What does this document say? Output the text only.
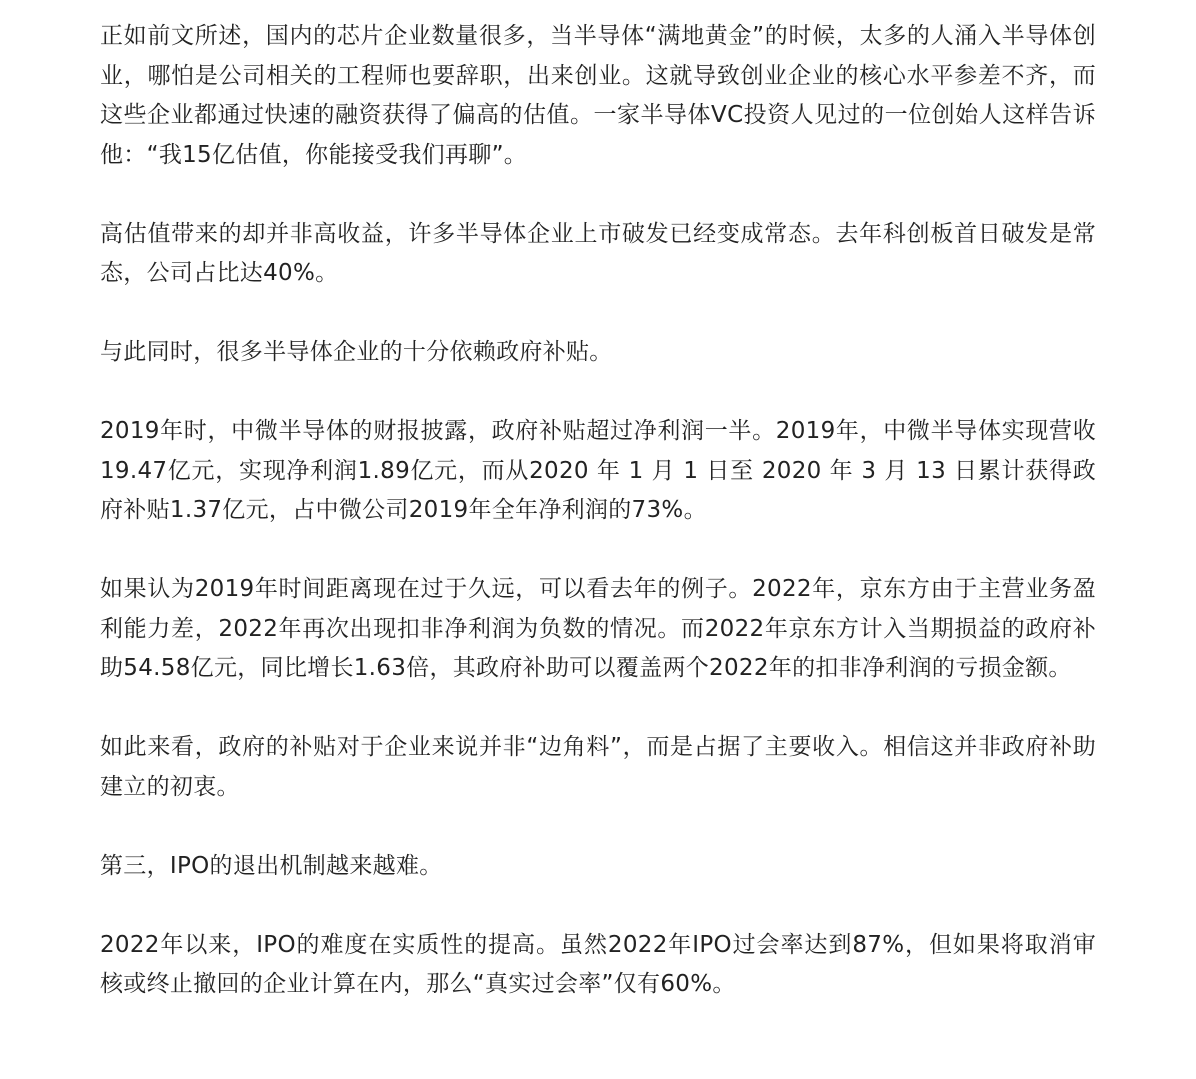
正如前文所述，国内的芯片企业数量很多，当半导体“满地黄金”的时候，太多的人涌入半导体创业，哪怕是公司相关的工程师也要辞职，出来创业。这就导致创业企业的核心水平参差不齐，而这些企业都通过快速的融资获得了偏高的估值。一家半导体VC投资人见过的一位创始人这样告诉他：“我15亿估值，你能接受我们再聊”。

高估值带来的却并非高收益，许多半导体企业上市破发已经变成常态。去年科创板首日破发是常态，公司占比达40%。

与此同时，很多半导体企业的十分依赖政府补贴。

2019年时，中微半导体的财报披露，政府补贴超过净利润一半。2019年，中微半导体实现营收19.47亿元，实现净利润1.89亿元，而从2020 年 1 月 1 日至 2020 年 3 月 13 日累计获得政府补贴1.37亿元，占中微公司2019年全年净利润的73%。

如果认为2019年时间距离现在过于久远，可以看去年的例子。2022年，京东方由于主营业务盈利能力差，2022年再次出现扣非净利润为负数的情况。而2022年京东方计入当期损益的政府补助54.58亿元，同比增长1.63倍，其政府补助可以覆盖两个2022年的扣非净利润的亏损金额。

如此来看，政府的补贴对于企业来说并非“边角料”，而是占据了主要收入。相信这并非政府补助建立的初衷。

第三，IPO的退出机制越来越难。

2022年以来，IPO的难度在实质性的提高。虽然2022年IPO过会率达到87%，但如果将取消审核或终止撤回的企业计算在内，那么“真实过会率”仅有60%。
